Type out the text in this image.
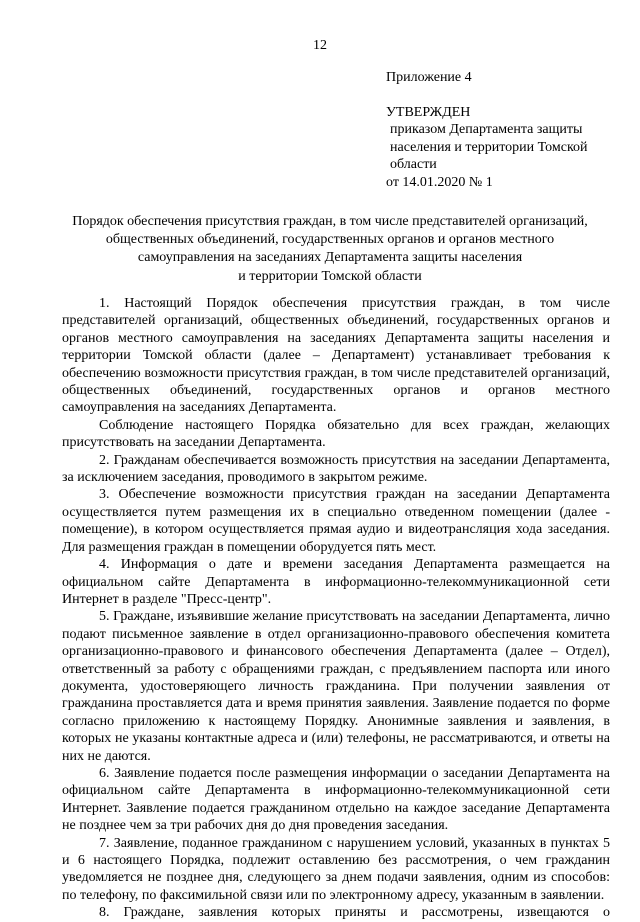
12
Приложение 4
УТВЕРЖДЕН
приказом Департамента защиты
населения и территории Томской
области
от 14.01.2020 № 1
Порядок обеспечения присутствия граждан, в том числе представителей организаций,
общественных объединений, государственных органов и органов местного
самоуправления на заседаниях Департамента защиты населения
и территории Томской области

1. Настоящий Порядок обеспечения присутствия граждан, в том числе представителей организаций, общественных объединений, государственных органов и органов местного самоуправления на заседаниях Департамента защиты населения и территории Томской области (далее – Департамент) устанавливает требования к обеспечению возможности присутствия граждан, в том числе представителей организаций, общественных объединений, государственных органов и органов местного самоуправления на заседаниях Департамента.

Соблюдение настоящего Порядка обязательно для всех граждан, желающих присутствовать на заседании Департамента.

2. Гражданам обеспечивается возможность присутствия на заседании Департамента, за исключением заседания, проводимого в закрытом режиме.

3. Обеспечение возможности присутствия граждан на заседании Департамента осуществляется путем размещения их в специально отведенном помещении (далее - помещение), в котором осуществляется прямая аудио и видеотрансляция хода заседания. Для размещения граждан в помещении оборудуется пять мест.

4. Информация о дате и времени заседания Департамента размещается на официальном сайте Департамента в информационно-телекоммуникационной сети Интернет в разделе "Пресс-центр".

5. Граждане, изъявившие желание присутствовать на заседании Департамента, лично подают письменное заявление в отдел организационно-правового обеспечения комитета организационно-правового и финансового обеспечения Департамента (далее – Отдел), ответственный за работу с обращениями граждан, с предъявлением паспорта или иного документа, удостоверяющего личность гражданина. При получении заявления от гражданина проставляется дата и время принятия заявления. Заявление подается по форме согласно приложению к настоящему Порядку. Анонимные заявления и заявления, в которых не указаны контактные адреса и (или) телефоны, не рассматриваются, и ответы на них не даются.

6. Заявление подается после размещения информации о заседании Департамента на официальном сайте Департамента в информационно-телекоммуникационной сети Интернет. Заявление подается гражданином отдельно на каждое заседание Департамента не позднее чем за три рабочих дня до дня проведения заседания.

7. Заявление, поданное гражданином с нарушением условий, указанных в пунктах 5 и 6 настоящего Порядка, подлежит оставлению без рассмотрения, о чем гражданин уведомляется не позднее дня, следующего за днем подачи заявления, одним из способов: по телефону, по факсимильной связи или по электронному адресу, указанным в заявлении.

8. Граждане, заявления которых приняты и рассмотрены, извещаются о
